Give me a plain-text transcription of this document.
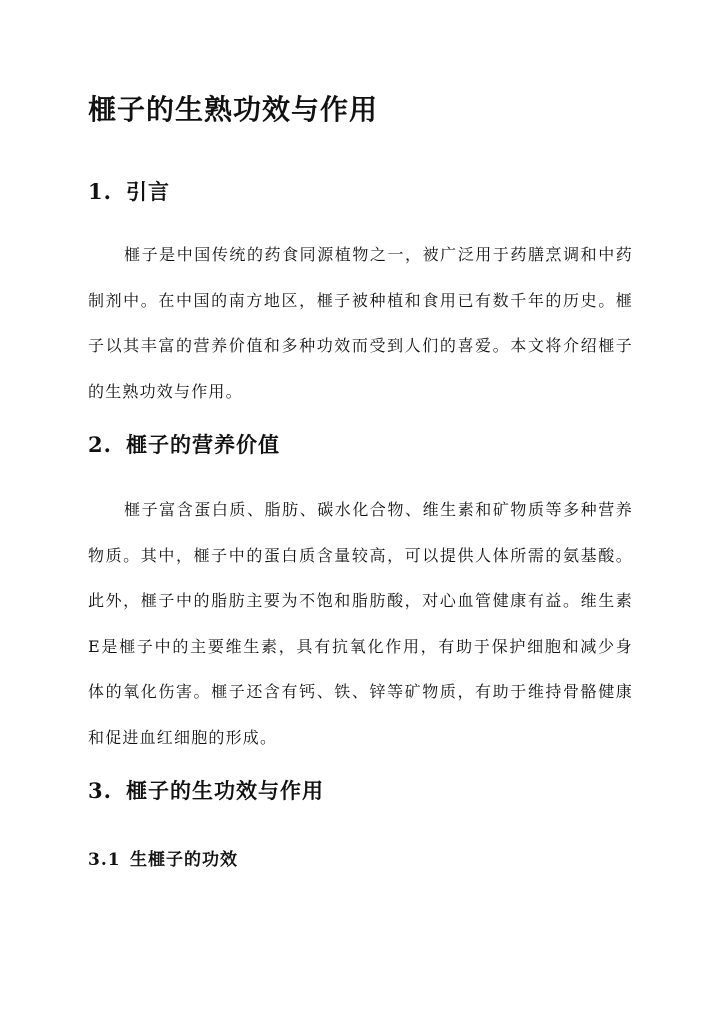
榧子的生熟功效与作用
1. 引言

榧子是中国传统的药食同源植物之一，被广泛用于药膳烹调和中药制剂中。在中国的南方地区，榧子被种植和食用已有数千年的历史。榧子以其丰富的营养价值和多种功效而受到人们的喜爱。本文将介绍榧子的生熟功效与作用。

2. 榧子的营养价值

榧子富含蛋白质、脂肪、碳水化合物、维生素和矿物质等多种营养物质。其中，榧子中的蛋白质含量较高，可以提供人体所需的氨基酸。此外，榧子中的脂肪主要为不饱和脂肪酸，对心血管健康有益。维生素E是榧子中的主要维生素，具有抗氧化作用，有助于保护细胞和减少身体的氧化伤害。榧子还含有钙、铁、锌等矿物质，有助于维持骨骼健康和促进血红细胞的形成。

3. 榧子的生功效与作用
3.1 生榧子的功效
